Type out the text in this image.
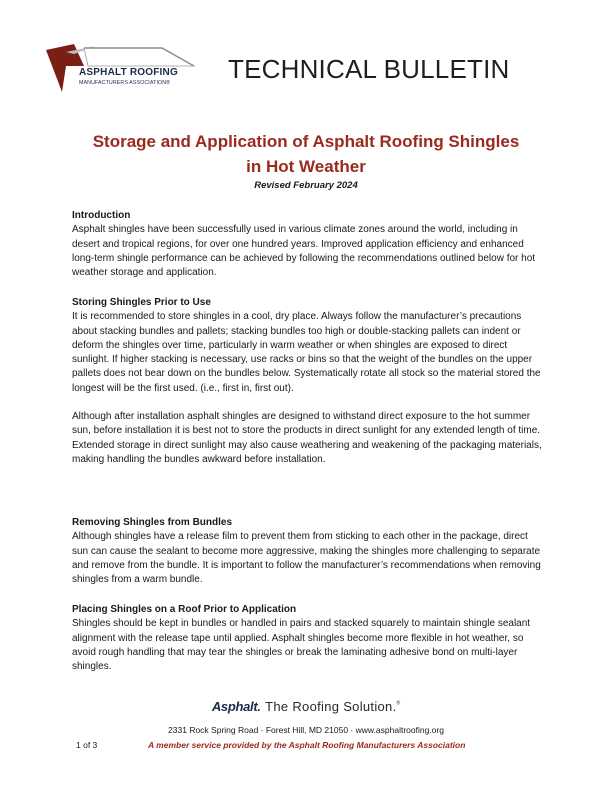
ASPHALT ROOFING
MANUFACTURERS ASSOCIATION® TECHNICAL BULLETIN
Storage and Application of Asphalt Roofing Shingles
in Hot Weather
Revised February 2024
Introduction

Asphalt shingles have been successfully used in various climate zones around the world, including in desert and tropical regions, for over one hundred years. Improved application efficiency and enhanced long-term shingle performance can be achieved by following the recommendations outlined below for hot weather storage and application.

Storing Shingles Prior to Use

It is recommended to store shingles in a cool, dry place. Always follow the manufacturer’s precautions about stacking bundles and pallets; stacking bundles too high or double-stacking pallets can indent or deform the shingles over time, particularly in warm weather or when shingles are exposed to direct sunlight. If higher stacking is necessary, use racks or bins so that the weight of the bundles on the upper pallets does not bear down on the bundles below. Systematically rotate all stock so the material stored the longest will be the first used. (i.e., first in, first out).

Although after installation asphalt shingles are designed to withstand direct exposure to the hot summer sun, before installation it is best not to store the products in direct sunlight for any extended length of time. Extended storage in direct sunlight may also cause weathering and weakening of the packaging materials, making handling the bundles awkward before installation.

Removing Shingles from Bundles

Although shingles have a release film to prevent them from sticking to each other in the package, direct sun can cause the sealant to become more aggressive, making the shingles more challenging to separate and remove from the bundle. It is important to follow the manufacturer’s recommendations when removing shingles from a warm bundle.

Placing Shingles on a Roof Prior to Application

Shingles should be kept in bundles or handled in pairs and stacked squarely to maintain shingle sealant alignment with the release tape until applied. Asphalt shingles become more flexible in hot weather, so avoid rough handling that may tear the shingles or break the laminating adhesive bond on multi-layer shingles.

Asphalt. The Roofing Solution.®
2331 Rock Spring Road · Forest Hill, MD 21050 · www.asphaltroofing.org
1 of 3	A member service provided by the Asphalt Roofing Manufacturers Association
